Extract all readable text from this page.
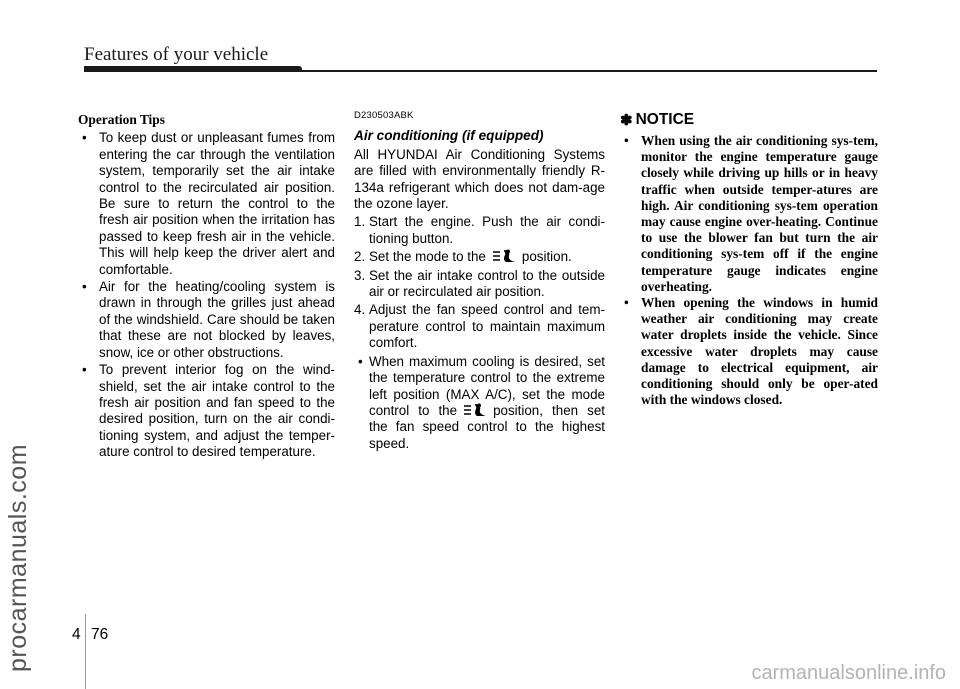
Features of your vehicle
procarmanuals.com
Operation Tips
• To keep dust or unpleasant fumes from entering the car through the ventilation system, temporarily set the air intake control to the recirculated air position. Be sure to return the control to the fresh air position when the irritation has passed to keep fresh air in the vehicle. This will help keep the driver alert and comfortable.
• Air for the heating/cooling system is drawn in through the grilles just ahead of the windshield. Care should be taken that these are not blocked by leaves, snow, ice or other obstructions.
• To prevent interior fog on the wind-shield, set the air intake control to the fresh air position and fan speed to the desired position, turn on the air condi-tioning system, and adjust the temper-ature control to desired temperature.
D230503ABK
Air conditioning (if equipped)
All HYUNDAI Air Conditioning Systems are filled with environmentally friendly R-134a refrigerant which does not dam-age the ozone layer.
1. Start the engine. Push the air condi-tioning button.

2. Set the mode to the	position.

3. Set the air intake control to the outside air or recirculated air position.

4. Adjust the fan speed control and tem-perature control to maintain maximum comfort.

• When maximum cooling is desired, set the temperature control to the extreme left position (MAX A/C), set the mode control to the	position, then set the fan speed control to the highest speed.

✽ NOTICE
• When using the air conditioning sys-tem, monitor the engine temperature gauge closely while driving up hills or in heavy traffic when outside temper-atures are high. Air conditioning sys-tem operation may cause engine over-heating. Continue to use the blower fan but turn the air conditioning sys-tem off if the engine temperature gauge indicates engine overheating.
• When opening the windows in humid weather air conditioning may create water droplets inside the vehicle. Since excessive water droplets may cause damage to electrical equipment, air conditioning should only be oper-ated with the windows closed.
4 76
carmanualsonline.info
